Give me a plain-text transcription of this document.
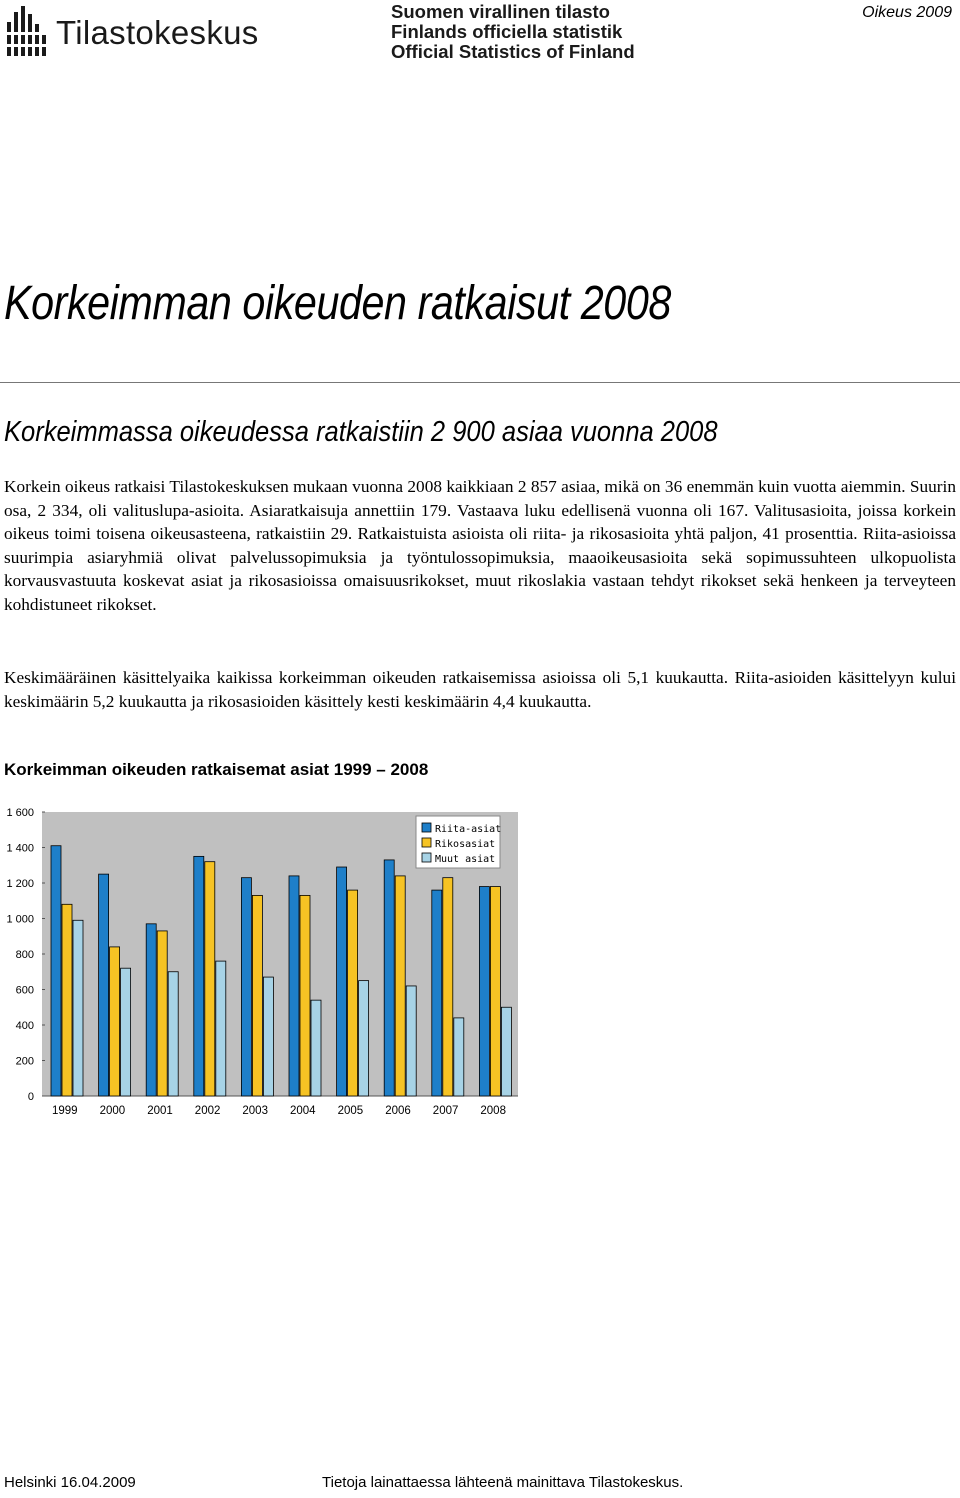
Tilastokeskus
Suomen virallinen tilasto
Finlands officiella statistik
Official Statistics of Finland
Oikeus 2009
Korkeimman oikeuden ratkaisut 2008
Korkeimmassa oikeudessa ratkaistiin 2 900 asiaa vuonna 2008

Korkein oikeus ratkaisi Tilastokeskuksen mukaan vuonna 2008 kaikkiaan 2 857 asiaa, mikä on 36 enemmän kuin vuotta aiemmin. Suurin osa, 2 334, oli valituslupa-asioita. Asiaratkaisuja annettiin 179. Vastaava luku edellisenä vuonna oli 167. Valitusasioita, joissa korkein oikeus toimi toisena oikeusasteena, ratkaistiin 29. Ratkaistuista asioista oli riita- ja rikosasioita yhtä paljon, 41 prosenttia. Riita-asioissa suurimpia asiaryhmiä olivat palvelussopimuksia ja työntulossopimuksia, maaoikeusasioita sekä sopimussuhteen ulkopuolista korvausvastuuta koskevat asiat ja rikosasioissa omaisuusrikokset, muut rikoslakia vastaan tehdyt rikokset sekä henkeen ja terveyteen kohdistuneet rikokset.

Keskimääräinen käsittelyaika kaikissa korkeimman oikeuden ratkaisemissa asioissa oli 5,1 kuukautta. Riita-asioiden käsittelyyn kului keskimäärin 5,2 kuukautta ja rikosasioiden käsittely kesti keskimäärin 4,4 kuukautta.

Korkeimman oikeuden ratkaisemat asiat 1999 – 2008
0
200
400
600
800
1 000
1 200
1 400
1 600
1999 2000 2001 2002 2003 2004 2005 2006 2007 2008
Riita-asiat
Rikosasiat
Muut asiat
Helsinki 16.04.2009	Tietoja lainattaessa lähteenä mainittava Tilastokeskus.
